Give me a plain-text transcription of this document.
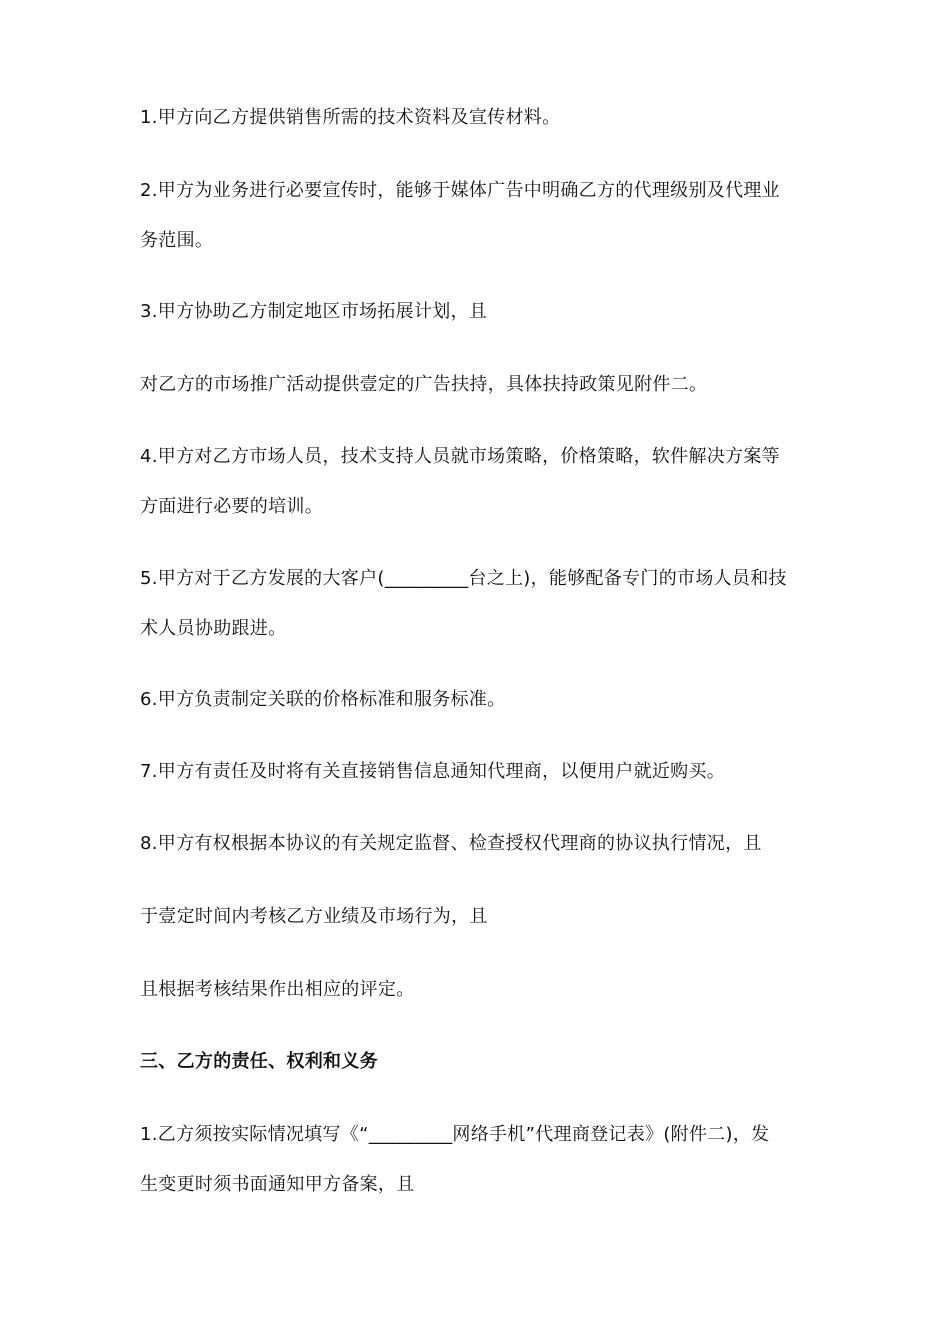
1.甲方向乙方提供销售所需的技术资料及宣传材料。
2.甲方为业务进行必要宣传时，能够于媒体广告中明确乙方的代理级别及代理业
务范围。
3.甲方协助乙方制定地区市场拓展计划，且
对乙方的市场推广活动提供壹定的广告扶持，具体扶持政策见附件二。
4.甲方对乙方市场人员，技术支持人员就市场策略，价格策略，软件解决方案等
方面进行必要的培训。
5.甲方对于乙方发展的大客户(_________台之上)，能够配备专门的市场人员和技
术人员协助跟进。
6.甲方负责制定关联的价格标准和服务标准。
7.甲方有责任及时将有关直接销售信息通知代理商，以便用户就近购买。
8.甲方有权根据本协议的有关规定监督、检查授权代理商的协议执行情况，且
于壹定时间内考核乙方业绩及市场行为，且
且根据考核结果作出相应的评定。
三、乙方的责任、权利和义务
1.乙方须按实际情况填写《“_________网络手机”代理商登记表》(附件二)，发
生变更时须书面通知甲方备案，且
